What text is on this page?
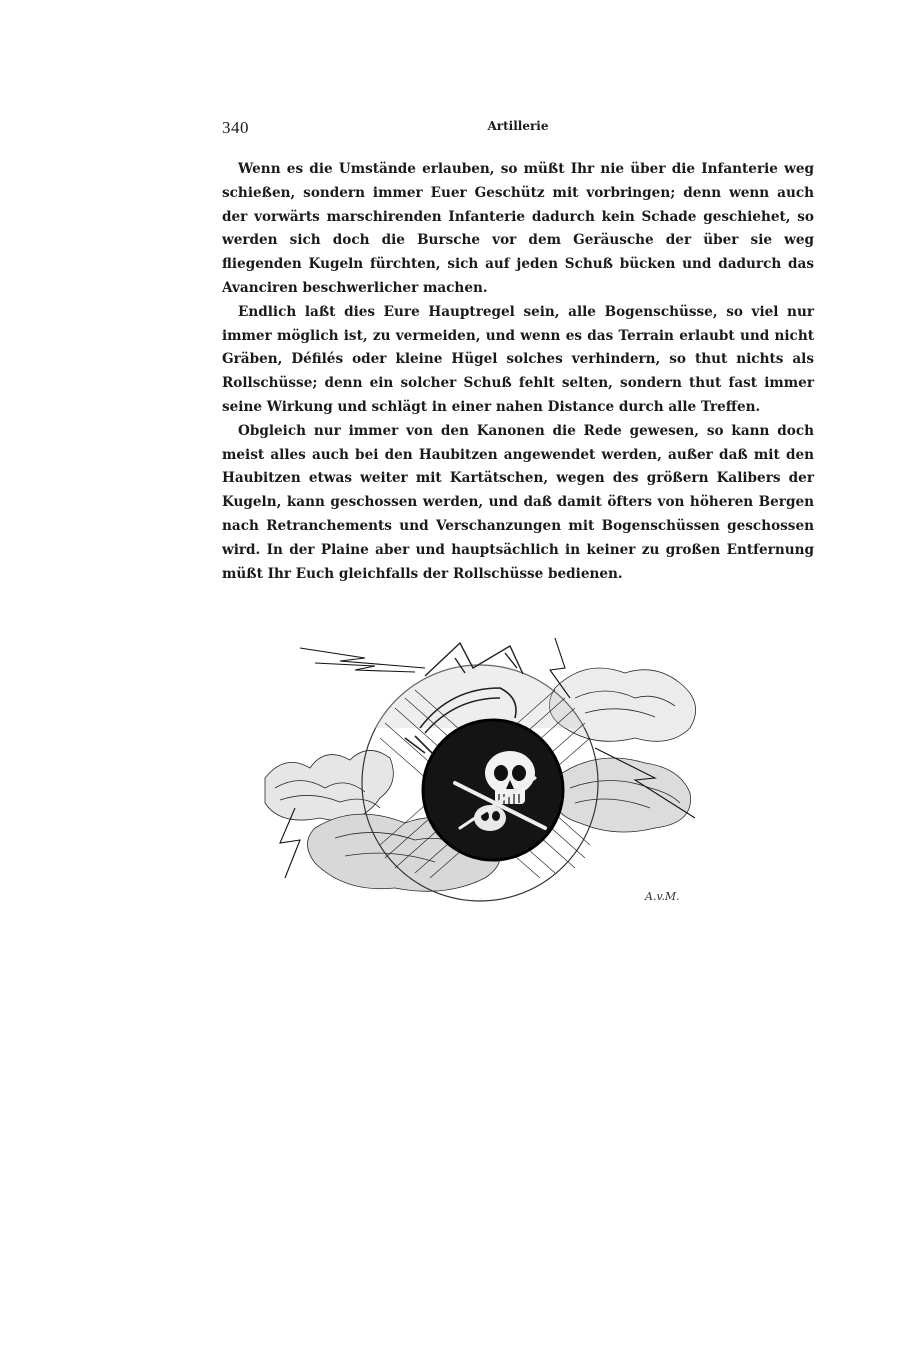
340	Artillerie

Wenn es die Umstände erlauben, so müßt Ihr nie über die Infanterie weg schießen, sondern immer Euer Geschütz mit vorbringen; denn wenn auch der vorwärts marschirenden Infanterie dadurch kein Schade geschiehet, so werden sich doch die Bursche vor dem Geräusche der über sie weg fliegenden Kugeln fürchten, sich auf jeden Schuß bücken und dadurch das Avanciren beschwerlicher machen.

Endlich laßt dies Eure Hauptregel sein, alle Bogenschüsse, so viel nur immer möglich ist, zu vermeiden, und wenn es das Terrain erlaubt und nicht Gräben, Défilés oder kleine Hügel solches verhindern, so thut nichts als Rollschüsse; denn ein solcher Schuß fehlt selten, sondern thut fast immer seine Wirkung und schlägt in einer nahen Distance durch alle Treffen.

Obgleich nur immer von den Kanonen die Rede gewesen, so kann doch meist alles auch bei den Haubitzen angewendet werden, außer daß mit den Haubitzen etwas weiter mit Kartätschen, wegen des größern Kalibers der Kugeln, kann geschossen werden, und daß damit öfters von höheren Bergen nach Retranchements und Verschanzungen mit Bogenschüssen geschossen wird. In der Plaine aber und hauptsächlich in keiner zu großen Entfernung müßt Ihr Euch gleichfalls der Rollschüsse bedienen.

A.v.M.
